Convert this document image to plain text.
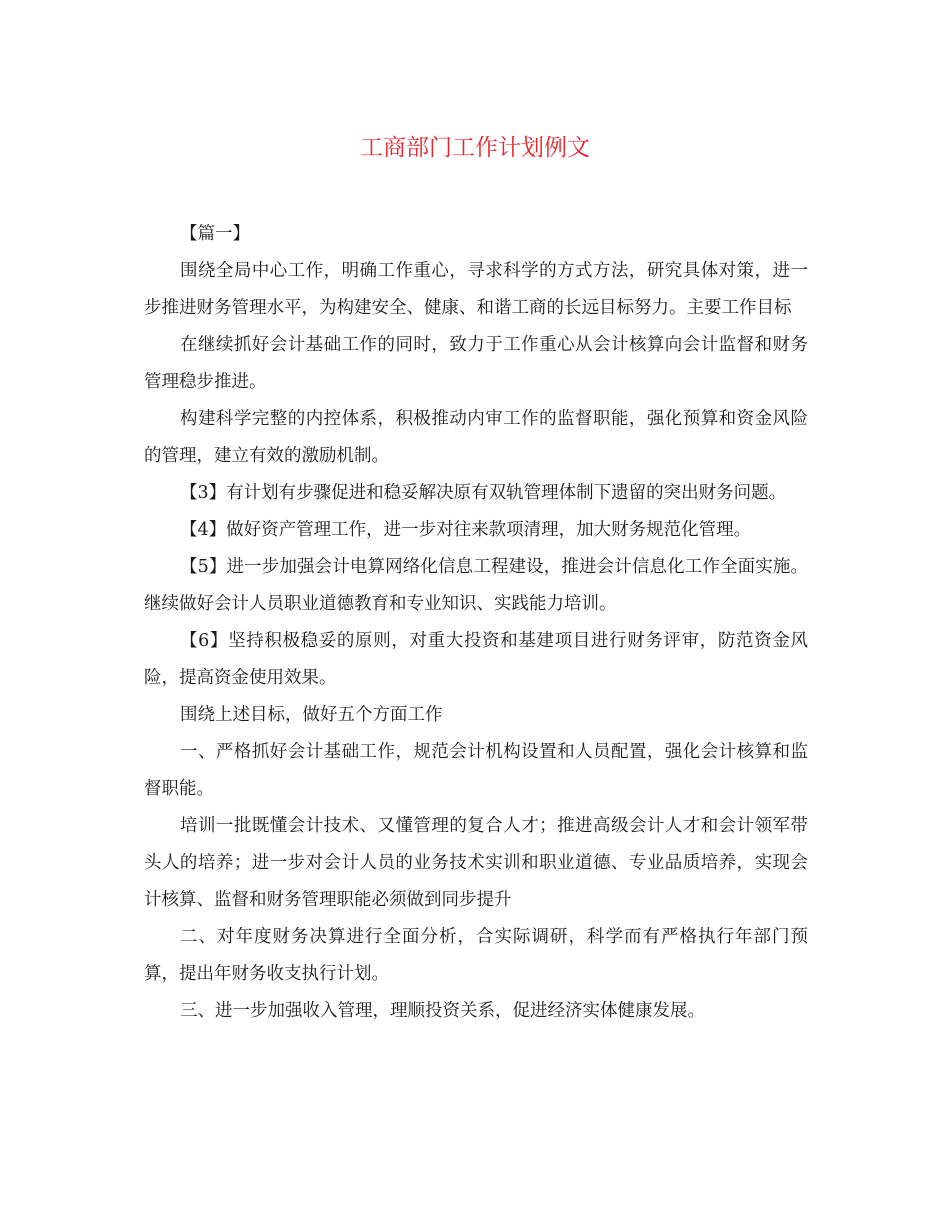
工商部门工作计划例文

【篇一】

围绕全局中心工作，明确工作重心，寻求科学的方式方法，研究具体对策，进一步推进财务管理水平，为构建安全、健康、和谐工商的长远目标努力。主要工作目标

在继续抓好会计基础工作的同时，致力于工作重心从会计核算向会计监督和财务管理稳步推进。

构建科学完整的内控体系，积极推动内审工作的监督职能，强化预算和资金风险的管理，建立有效的激励机制。

【3】有计划有步骤促进和稳妥解决原有双轨管理体制下遗留的突出财务问题。

【4】做好资产管理工作，进一步对往来款项清理，加大财务规范化管理。

【5】进一步加强会计电算网络化信息工程建设，推进会计信息化工作全面实施。继续做好会计人员职业道德教育和专业知识、实践能力培训。

【6】坚持积极稳妥的原则，对重大投资和基建项目进行财务评审，防范资金风险，提高资金使用效果。

围绕上述目标，做好五个方面工作

一、严格抓好会计基础工作，规范会计机构设置和人员配置，强化会计核算和监督职能。

培训一批既懂会计技术、又懂管理的复合人才；推进高级会计人才和会计领军带头人的培养；进一步对会计人员的业务技术实训和职业道德、专业品质培养，实现会计核算、监督和财务管理职能必须做到同步提升

二、对年度财务决算进行全面分析，合实际调研，科学而有严格执行年部门预算，提出年财务收支执行计划。

三、进一步加强收入管理，理顺投资关系，促进经济实体健康发展。
